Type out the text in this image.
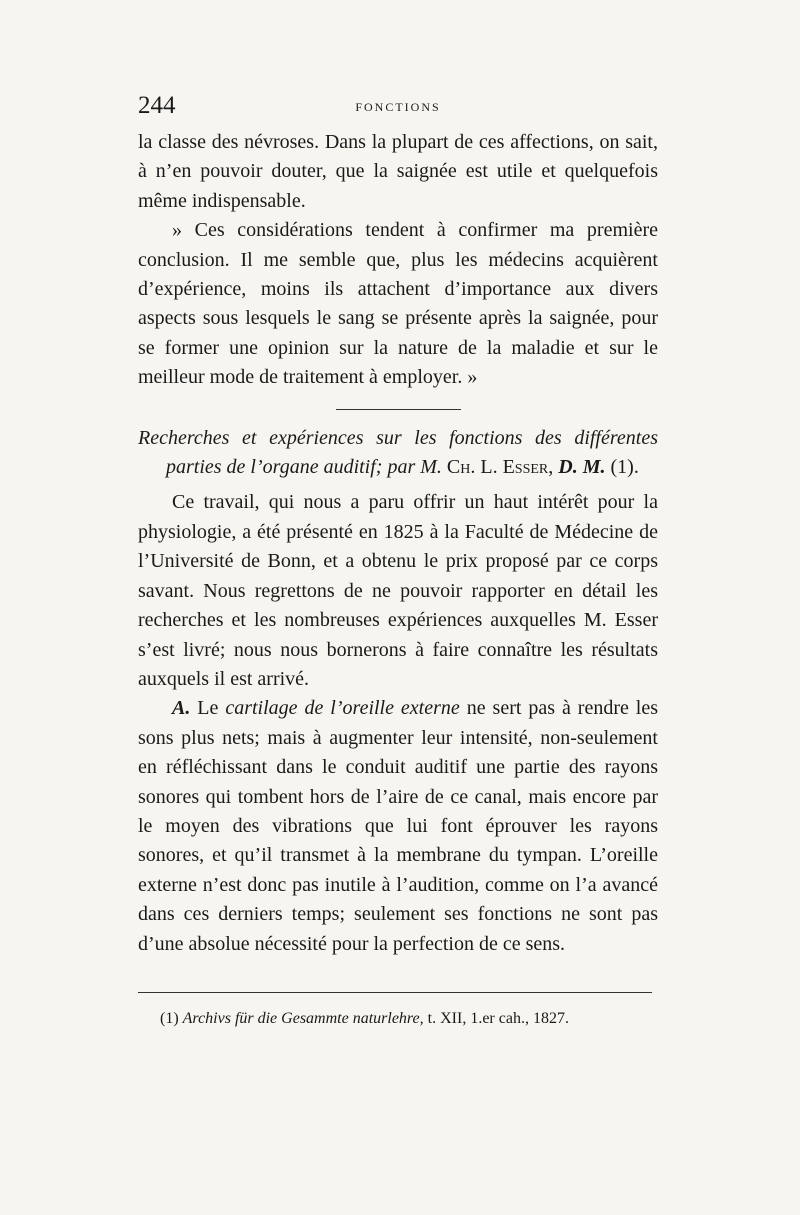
244	FONCTIONS

la classe des névroses. Dans la plupart de ces affections, on sait, à n’en pouvoir douter, que la saignée est utile et quelquefois même indispensable.

» Ces considérations tendent à confirmer ma première conclusion. Il me semble que, plus les médecins acquièrent d’expérience, moins ils attachent d’importance aux divers aspects sous lesquels le sang se présente après la saignée, pour se former une opinion sur la nature de la maladie et sur le meilleur mode de traitement à employer. »

Recherches et expériences sur les fonctions des différentes parties de l’organe auditif; par M. Ch. L. Esser, D. M. (1).

Ce travail, qui nous a paru offrir un haut intérêt pour la physiologie, a été présenté en 1825 à la Faculté de Médecine de l’Université de Bonn, et a obtenu le prix proposé par ce corps savant. Nous regrettons de ne pouvoir rapporter en détail les recherches et les nombreuses expériences auxquelles M. Esser s’est livré; nous nous bornerons à faire connaître les résultats auxquels il est arrivé.

A. Le cartilage de l’oreille externe ne sert pas à rendre les sons plus nets; mais à augmenter leur intensité, non-seulement en réfléchissant dans le conduit auditif une partie des rayons sonores qui tombent hors de l’aire de ce canal, mais encore par le moyen des vibrations que lui font éprouver les rayons sonores, et qu’il transmet à la membrane du tympan. L’oreille externe n’est donc pas inutile à l’audition, comme on l’a avancé dans ces derniers temps; seulement ses fonctions ne sont pas d’une absolue nécessité pour la perfection de ce sens.

(1) Archivs für die Gesammte naturlehre, t. XII, 1.er cah., 1827.
